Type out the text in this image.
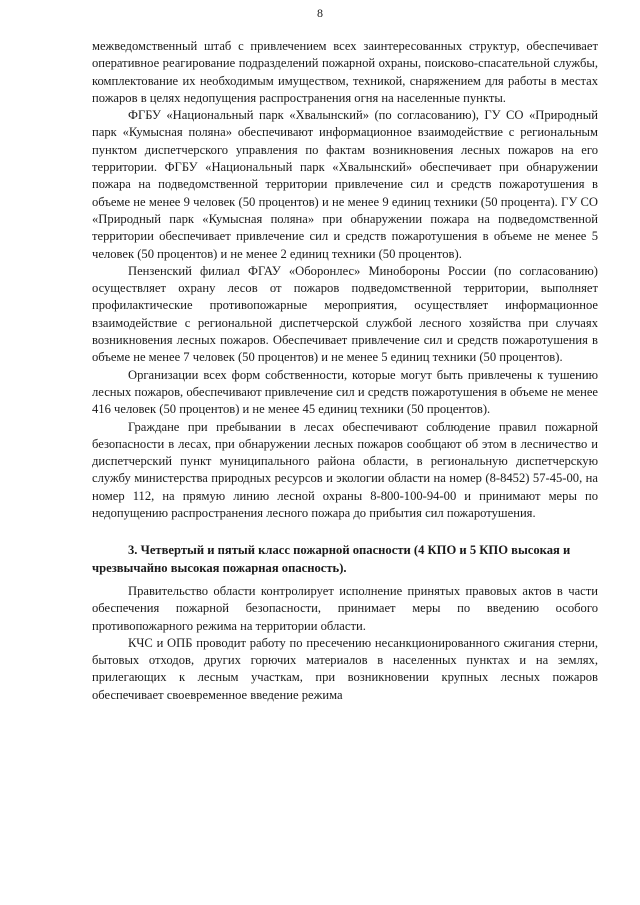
8

межведомственный штаб с привлечением всех заинтересованных структур, обеспечивает оперативное реагирование подразделений пожарной охраны, поисково-спасательной службы, комплектование их необходимым имуществом, техникой, снаряжением для работы в местах пожаров в целях недопущения распространения огня на населенные пункты.

ФГБУ «Национальный парк «Хвалынский» (по согласованию), ГУ СО «Природный парк «Кумысная поляна» обеспечивают информационное взаимодействие с региональным пунктом диспетчерского управления по фактам возникновения лесных пожаров на его территории. ФГБУ «Национальный парк «Хвалынский» обеспечивает при обнаружении пожара на подведомственной территории привлечение сил и средств пожаротушения в объеме не менее 9 человек (50 процентов) и не менее 9 единиц техники (50 процента). ГУ СО «Природный парк «Кумысная поляна» при обнаружении пожара на подведомственной территории обеспечивает привлечение сил и средств пожаротушения в объеме не менее 5 человек (50 процентов) и не менее 2 единиц техники (50 процентов).

Пензенский филиал ФГАУ «Оборонлес» Минобороны России (по согласованию) осуществляет охрану лесов от пожаров подведомственной территории, выполняет профилактические противопожарные мероприятия, осуществляет информационное взаимодействие с региональной диспетчерской службой лесного хозяйства при случаях возникновения лесных пожаров. Обеспечивает привлечение сил и средств пожаротушения в объеме не менее 7 человек (50 процентов) и не менее 5 единиц техники (50 процентов).

Организации всех форм собственности, которые могут быть привлечены к тушению лесных пожаров, обеспечивают привлечение сил и средств пожаротушения в объеме не менее 416 человек (50 процентов) и не менее 45 единиц техники (50 процентов).

Граждане при пребывании в лесах обеспечивают соблюдение правил пожарной безопасности в лесах, при обнаружении лесных пожаров сообщают об этом в лесничество и диспетчерский пункт муниципального района области, в региональную диспетчерскую службу министерства природных ресурсов и экологии области на номер (8-8452) 57-45-00, на номер 112, на прямую линию лесной охраны 8-800-100-94-00 и принимают меры по недопущению распространения лесного пожара до прибытия сил пожаротушения.

3. Четвертый и пятый класс пожарной опасности (4 КПО и 5 КПО высокая и чрезвычайно высокая пожарная опасность).

Правительство области контролирует исполнение принятых правовых актов в части обеспечения пожарной безопасности, принимает меры по введению особого противопожарного режима на территории области.

КЧС и ОПБ проводит работу по пресечению несанкционированного сжигания стерни, бытовых отходов, других горючих материалов в населенных пунктах и на землях, прилегающих к лесным участкам, при возникновении крупных лесных пожаров обеспечивает своевременное введение режима
